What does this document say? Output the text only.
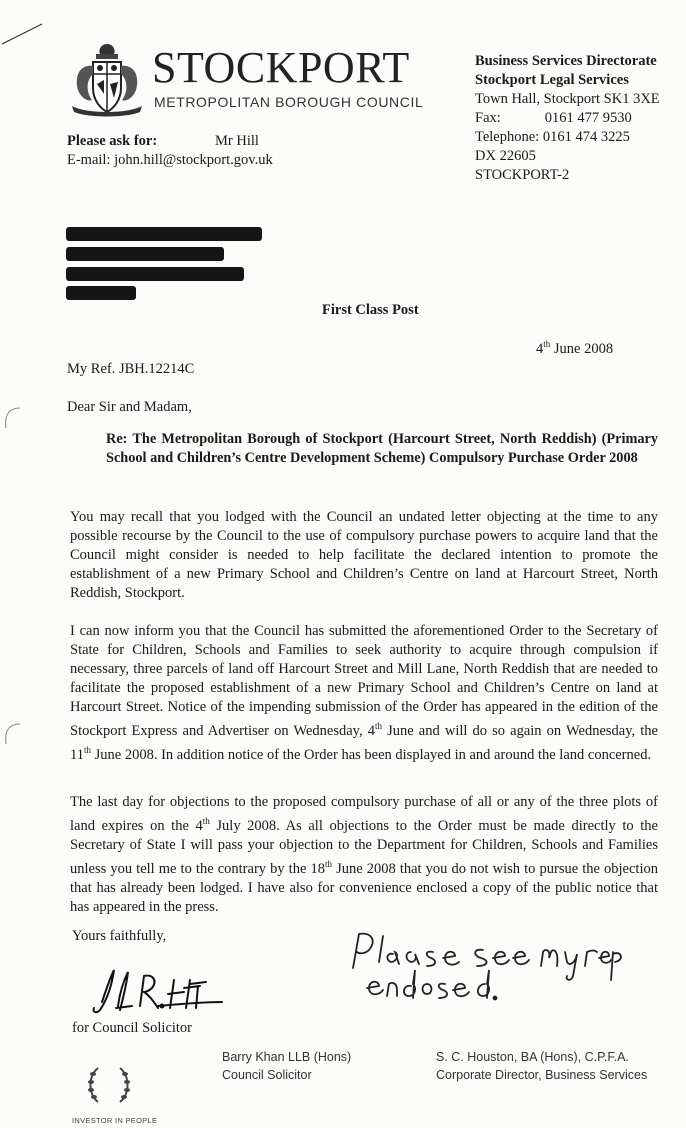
STOCKPORT
METROPOLITAN BOROUGH COUNCIL
Business Services Directorate
Stockport Legal Services
Town Hall, Stockport SK1 3XE
Fax:	0161 477 9530
Telephone: 0161 474 3225
DX 22605
STOCKPORT-2
Please ask for:	Mr Hill
E-mail: john.hill@stockport.gov.uk
First Class Post
4th June 2008
My Ref. JBH.12214C
Dear Sir and Madam,
Re: The Metropolitan Borough of Stockport (Harcourt Street, North Reddish) (Primary School and Children’s Centre Development Scheme) Compulsory Purchase Order 2008
You may recall that you lodged with the Council an undated letter objecting at the time to any possible recourse by the Council to the use of compulsory purchase powers to acquire land that the Council might consider is needed to help facilitate the declared intention to promote the establishment of a new Primary School and Children’s Centre on land at Harcourt Street, North Reddish, Stockport.
I can now inform you that the Council has submitted the aforementioned Order to the Secretary of State for Children, Schools and Families to seek authority to acquire through compulsion if necessary, three parcels of land off Harcourt Street and Mill Lane, North Reddish that are needed to facilitate the proposed establishment of a new Primary School and Children’s Centre on land at Harcourt Street. Notice of the impending submission of the Order has appeared in the edition of the Stockport Express and Advertiser on Wednesday, 4th June and will do so again on Wednesday, the 11th June 2008. In addition notice of the Order has been displayed in and around the land concerned.
The last day for objections to the proposed compulsory purchase of all or any of the three plots of land expires on the 4th July 2008. As all objections to the Order must be made directly to the Secretary of State I will pass your objection to the Department for Children, Schools and Families unless you tell me to the contrary by the 18th June 2008 that you do not wish to pursue the objection that has already been lodged. I have also for convenience enclosed a copy of the public notice that has appeared in the press.
Yours faithfully,
for Council Solicitor
Barry Khan LLB (Hons)
Council Solicitor
S. C. Houston, BA (Hons), C.P.F.A.
Corporate Director, Business Services
INVESTOR IN PEOPLE
